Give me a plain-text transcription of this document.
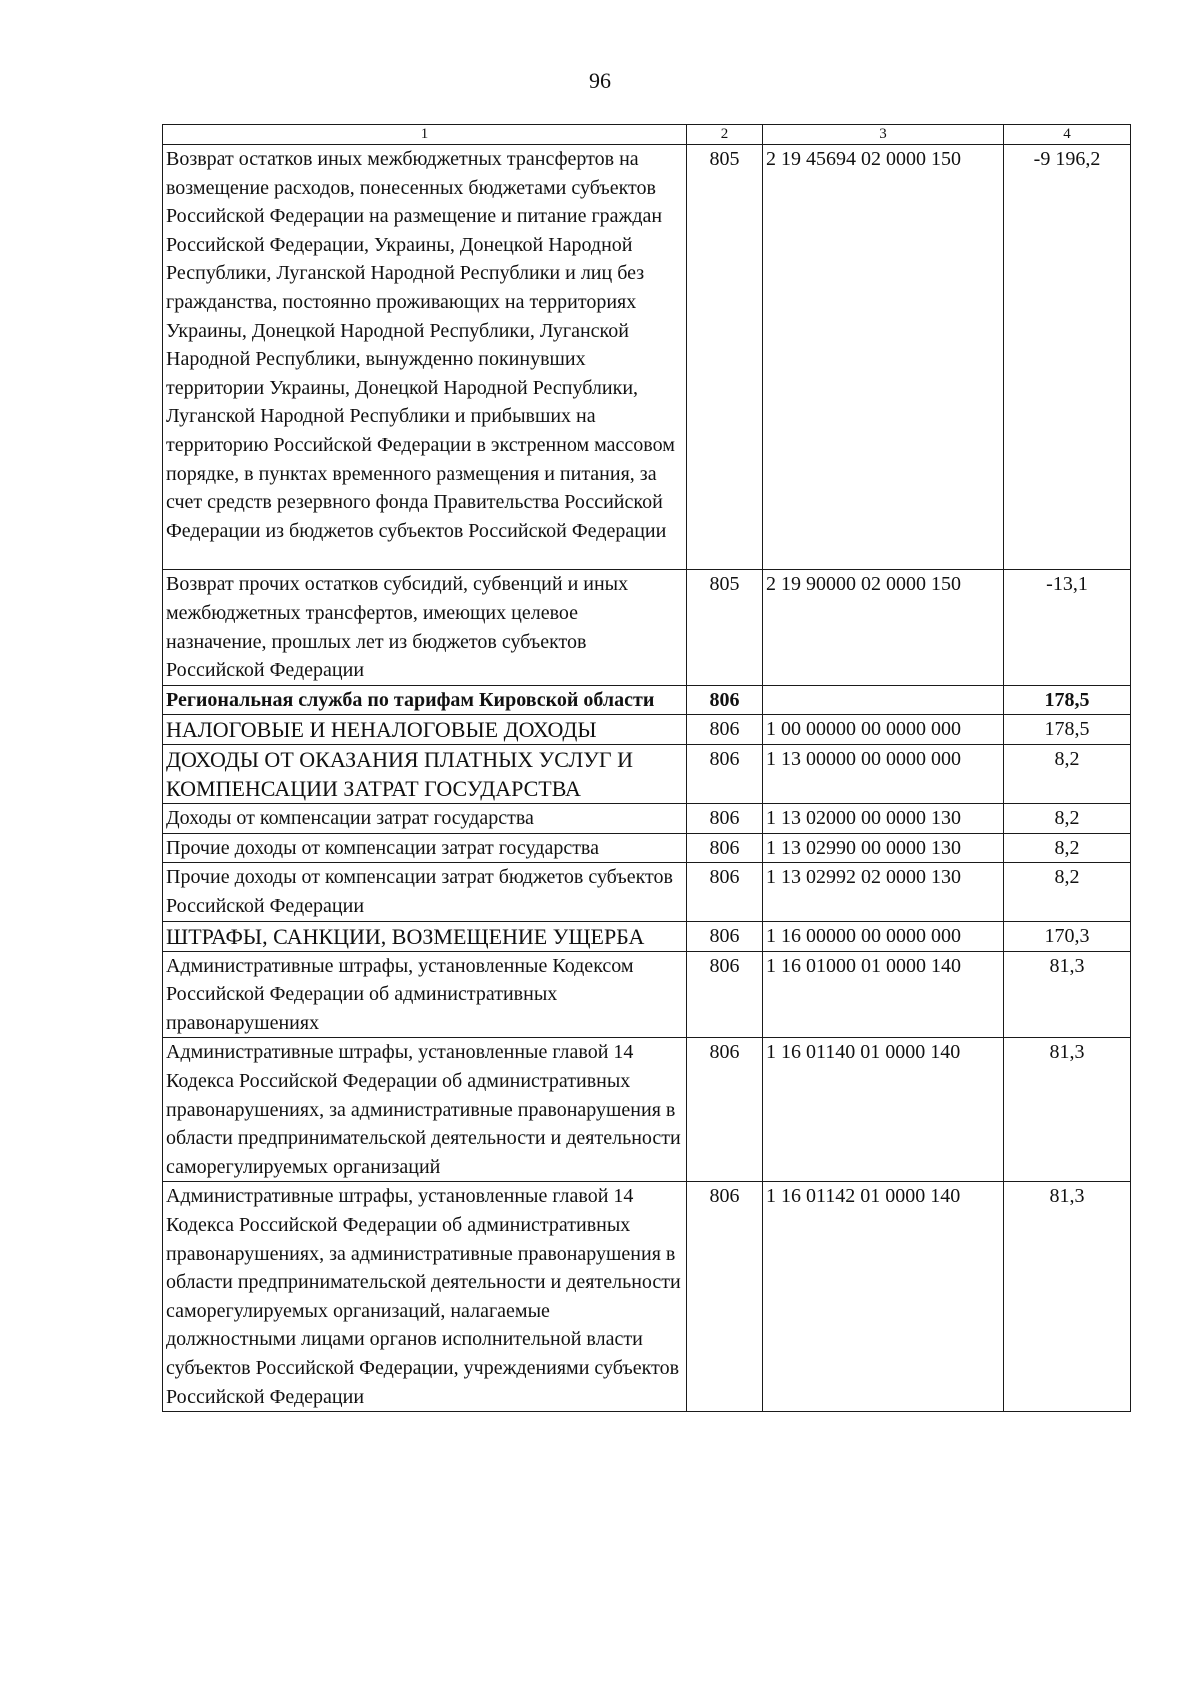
96
1	2	3	4
Возврат остатков иных межбюджетных трансфертов на возмещение расходов, понесенных бюджетами субъектов Российской Федерации на размещение и питание граждан Российской Федерации, Украины, Донецкой Народной Республики, Луганской Народной Республики и лиц без гражданства, постоянно проживающих на территориях Украины, Донецкой Народной Республики, Луганской Народной Республики, вынужденно покинувших территории Украины, Донецкой Народной Республики, Луганской Народной Республики и прибывших на территорию Российской Федерации в экстренном массовом порядке, в пунктах временного размещения и питания, за счет средств резервного фонда Правительства Российской Федерации из бюджетов субъектов Российской Федерации	805	2 19 45694 02 0000 150	-9 196,2
Возврат прочих остатков субсидий, субвенций и иных межбюджетных трансфертов, имеющих целевое назначение, прошлых лет из бюджетов субъектов Российской Федерации	805	2 19 90000 02 0000 150	-13,1
Региональная служба по тарифам Кировской области	806		178,5
НАЛОГОВЫЕ И НЕНАЛОГОВЫЕ ДОХОДЫ	806	1 00 00000 00 0000 000	178,5
ДОХОДЫ ОТ ОКАЗАНИЯ ПЛАТНЫХ УСЛУГ И КОМПЕНСАЦИИ ЗАТРАТ ГОСУДАРСТВА	806	1 13 00000 00 0000 000	8,2
Доходы от компенсации затрат государства	806	1 13 02000 00 0000 130	8,2
Прочие доходы от компенсации затрат государства	806	1 13 02990 00 0000 130	8,2
Прочие доходы от компенсации затрат бюджетов субъектов Российской Федерации	806	1 13 02992 02 0000 130	8,2
ШТРАФЫ, САНКЦИИ, ВОЗМЕЩЕНИЕ УЩЕРБА	806	1 16 00000 00 0000 000	170,3
Административные штрафы, установленные Кодексом Российской Федерации об административных правонарушениях	806	1 16 01000 01 0000 140	81,3
Административные штрафы, установленные главой 14 Кодекса Российской Федерации об административных правонарушениях, за административные правонарушения в области предпринимательской деятельности и деятельности саморегулируемых организаций	806	1 16 01140 01 0000 140	81,3
Административные штрафы, установленные главой 14 Кодекса Российской Федерации об административных правонарушениях, за административные правонарушения в области предпринимательской деятельности и деятельности саморегулируемых организаций, налагаемые должностными лицами органов исполнительной власти субъектов Российской Федерации, учреждениями субъектов Российской Федерации	806	1 16 01142 01 0000 140	81,3
